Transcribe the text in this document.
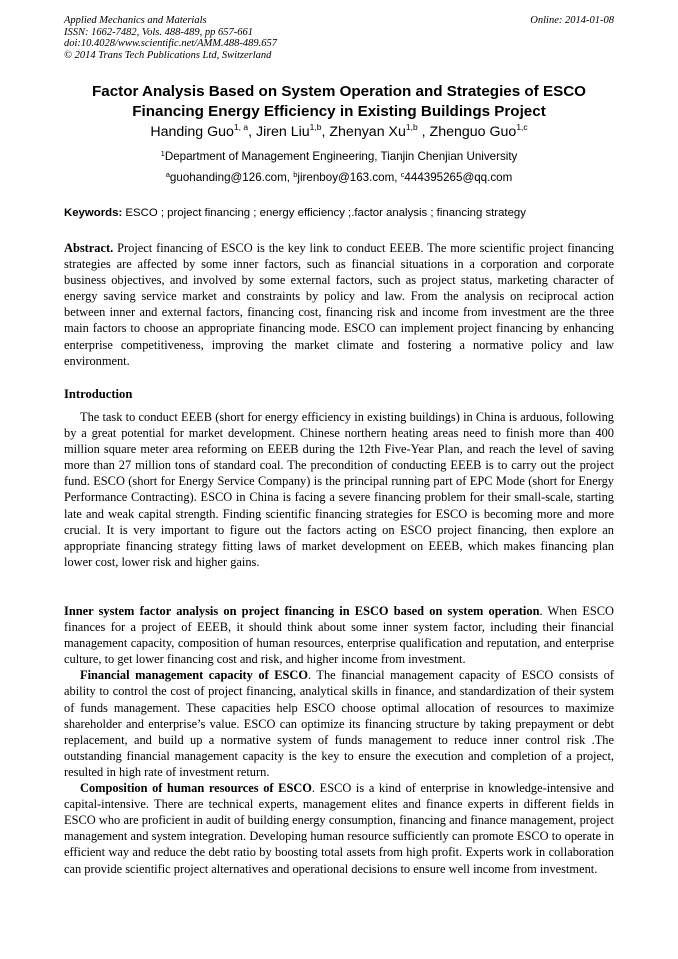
Applied Mechanics and Materials
ISSN: 1662-7482, Vols. 488-489, pp 657-661
doi:10.4028/www.scientific.net/AMM.488-489.657
© 2014 Trans Tech Publications Ltd, Switzerland
Online: 2014-01-08
Factor Analysis Based on System Operation and Strategies of ESCO
Financing Energy Efficiency in Existing Buildings Project
Handing Guo$^{1, a}$, Jiren Liu$^{1,b}$, Zhenyan Xu$^{1,b}$ , Zhenguo Guo$^{1,c}$
$^1$Department of Management Engineering, Tianjin Chenjian University
$^a$guohanding@126.com, $^b$jirenboy@163.com, $^c$444395265@qq.com
Keywords: ESCO ; project financing ; energy efficiency ;.factor analysis ; financing strategy
Abstract. Project financing of ESCO is the key link to conduct EEEB. The more scientific project financing strategies are affected by some inner factors, such as financial situations in a corporation and corporate business objectives, and involved by some external factors, such as project status, marketing character of energy saving service market and constraints by policy and law. From the analysis on reciprocal action between inner and external factors, financing cost, financing risk and income from investment are the three main factors to choose an appropriate financing mode. ESCO can implement project financing by enhancing enterprise competitiveness, improving the market climate and fostering a normative policy and law environment.
Introduction
The task to conduct EEEB (short for energy efficiency in existing buildings) in China is arduous, following by a great potential for market development. Chinese northern heating areas need to finish more than 400 million square meter area reforming on EEEB during the 12th Five-Year Plan, and reach the level of saving more than 27 million tons of standard coal. The precondition of conducting EEEB is to carry out the project fund. ESCO (short for Energy Service Company) is the principal running part of EPC Mode (short for Energy Performance Contracting). ESCO in China is facing a severe financing problem for their small-scale, starting late and weak capital strength. Finding scientific financing strategies for ESCO is becoming more and more crucial. It is very important to figure out the factors acting on ESCO project financing, then explore an appropriate financing strategy fitting laws of market development on EEEB, which makes financing plan lower cost, lower risk and higher gains.

Inner system factor analysis on project financing in ESCO based on system operation. When ESCO finances for a project of EEEB, it should think about some inner system factor, including their financial management capacity, composition of human resources, enterprise qualification and reputation, and enterprise culture, to get lower financing cost and risk, and higher income from investment.

Financial management capacity of ESCO. The financial management capacity of ESCO consists of ability to control the cost of project financing, analytical skills in finance, and standardization of their system of funds management. These capacities help ESCO choose optimal allocation of resources to maximize shareholder and enterprise’s value. ESCO can optimize its financing structure by taking prepayment or debt replacement, and build up a normative system of funds management to reduce inner control risk .The outstanding financial management capacity is the key to ensure the execution and completion of a project, resulted in high rate of investment return.

Composition of human resources of ESCO. ESCO is a kind of enterprise in knowledge-intensive and capital-intensive. There are technical experts, management elites and finance experts in different fields in ESCO who are proficient in audit of building energy consumption, financing and finance management, project management and system integration. Developing human resource sufficiently can promote ESCO to operate in efficient way and reduce the debt ratio by boosting total assets from high profit. Experts work in collaboration can provide scientific project alternatives and operational decisions to ensure well income from investment.
